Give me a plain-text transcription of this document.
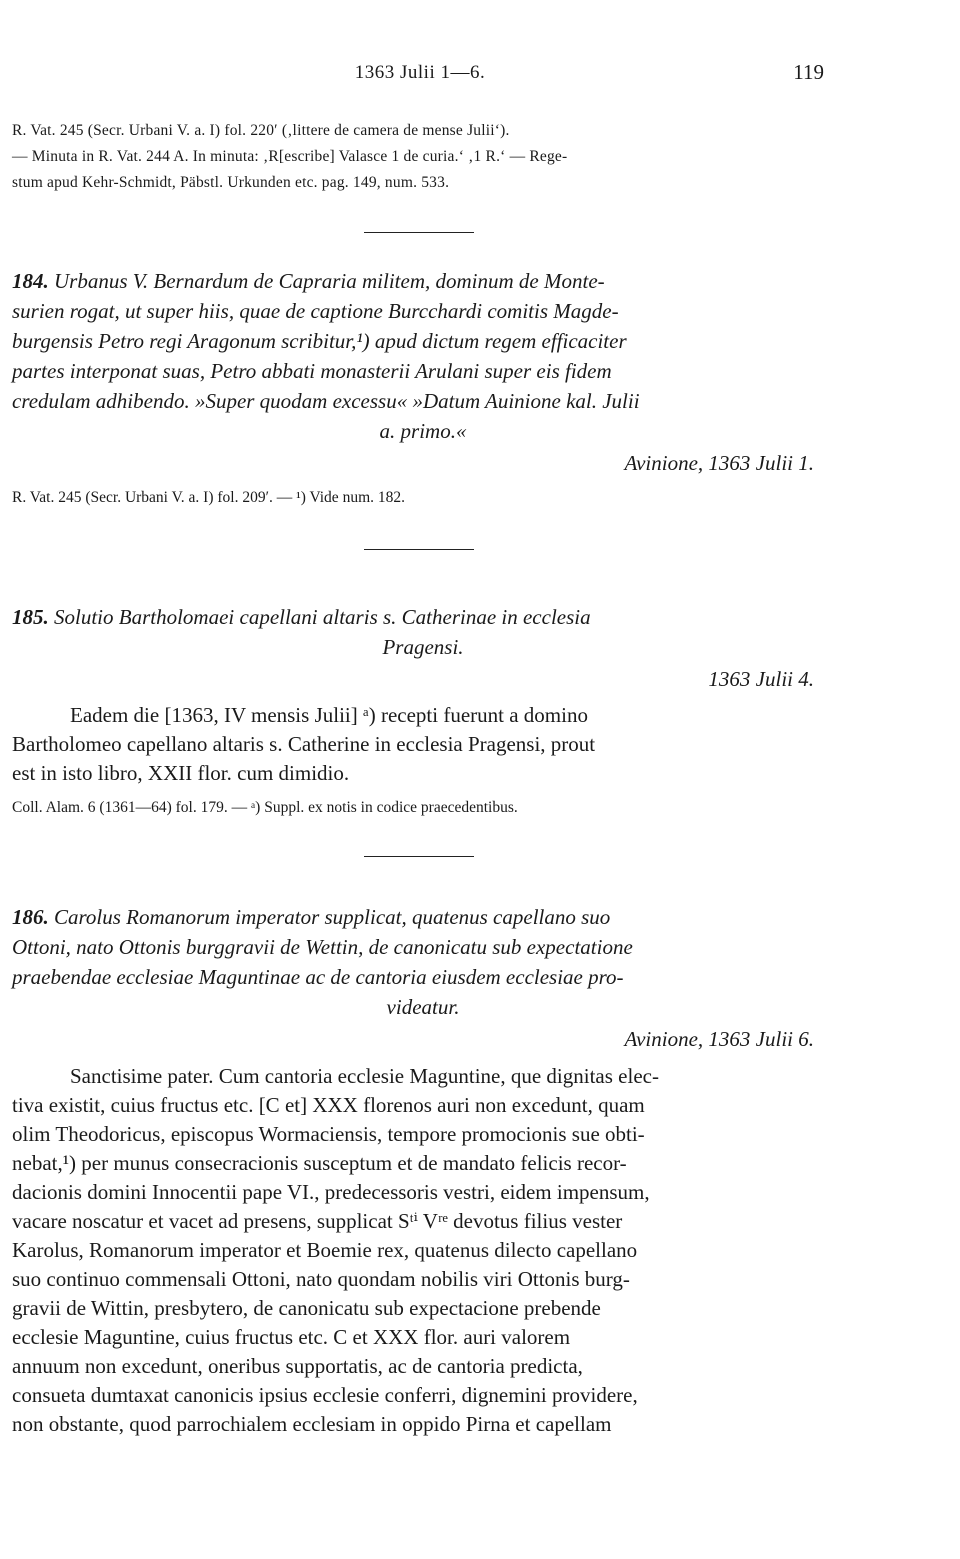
1363 Julii 1—6.	119
R. Vat. 245 (Secr. Urbani V. a. I) fol. 220′ (‚littere de camera de mense Julii‘).
— Minuta in R. Vat. 244 A. In minuta: ‚R[escribe] Valasce 1 de curia.‘ ‚1 R.‘ — Rege-
stum apud Kehr-Schmidt, Päbstl. Urkunden etc. pag. 149, num. 533.
184. Urbanus V. Bernardum de Capraria militem, dominum de Monte-
surien rogat, ut super hiis, quae de captione Burcchardi comitis Magde-
burgensis Petro regi Aragonum scribitur,¹) apud dictum regem efficaciter
partes interponat suas, Petro abbati monasterii Arulani super eis fidem
credulam adhibendo. »Super quodam excessu« »Datum Auinione kal. Julii
a. primo.«
Avinione, 1363 Julii 1.
R. Vat. 245 (Secr. Urbani V. a. I) fol. 209′. — ¹) Vide num. 182.
185. Solutio Bartholomaei capellani altaris s. Catherinae in ecclesia
Pragensi.
1363 Julii 4.

Eadem die [1363, IV mensis Julii] ᵃ) recepti fuerunt a domino

Bartholomeo capellano altaris s. Catherine in ecclesia Pragensi, prout

est in isto libro, XXII flor. cum dimidio.

Coll. Alam. 6 (1361—64) fol. 179. — ᵃ) Suppl. ex notis in codice praecedentibus.
186. Carolus Romanorum imperator supplicat, quatenus capellano suo
Ottoni, nato Ottonis burggravii de Wettin, de canonicatu sub expectatione
praebendae ecclesiae Maguntinae ac de cantoria eiusdem ecclesiae pro-
videatur.
Avinione, 1363 Julii 6.

Sanctisime pater. Cum cantoria ecclesie Maguntine, que dignitas elec-

tiva existit, cuius fructus etc. [C et] XXX florenos auri non excedunt, quam

olim Theodoricus, episcopus Wormaciensis, tempore promocionis sue obti-

nebat,¹) per munus consecracionis susceptum et de mandato felicis recor-

dacionis domini Innocentii pape VI., predecessoris vestri, eidem impensum,

vacare noscatur et vacet ad presens, supplicat Sᵗⁱ Vʳᵉ devotus filius vester

Karolus, Romanorum imperator et Boemie rex, quatenus dilecto capellano

suo continuo commensali Ottoni, nato quondam nobilis viri Ottonis burg-

gravii de Wittin, presbytero, de canonicatu sub expectacione prebende

ecclesie Maguntine, cuius fructus etc. C et XXX flor. auri valorem

annuum non excedunt, oneribus supportatis, ac de cantoria predicta,

consueta dumtaxat canonicis ipsius ecclesie conferri, dignemini providere,

non obstante, quod parrochialem ecclesiam in oppido Pirna et capellam
